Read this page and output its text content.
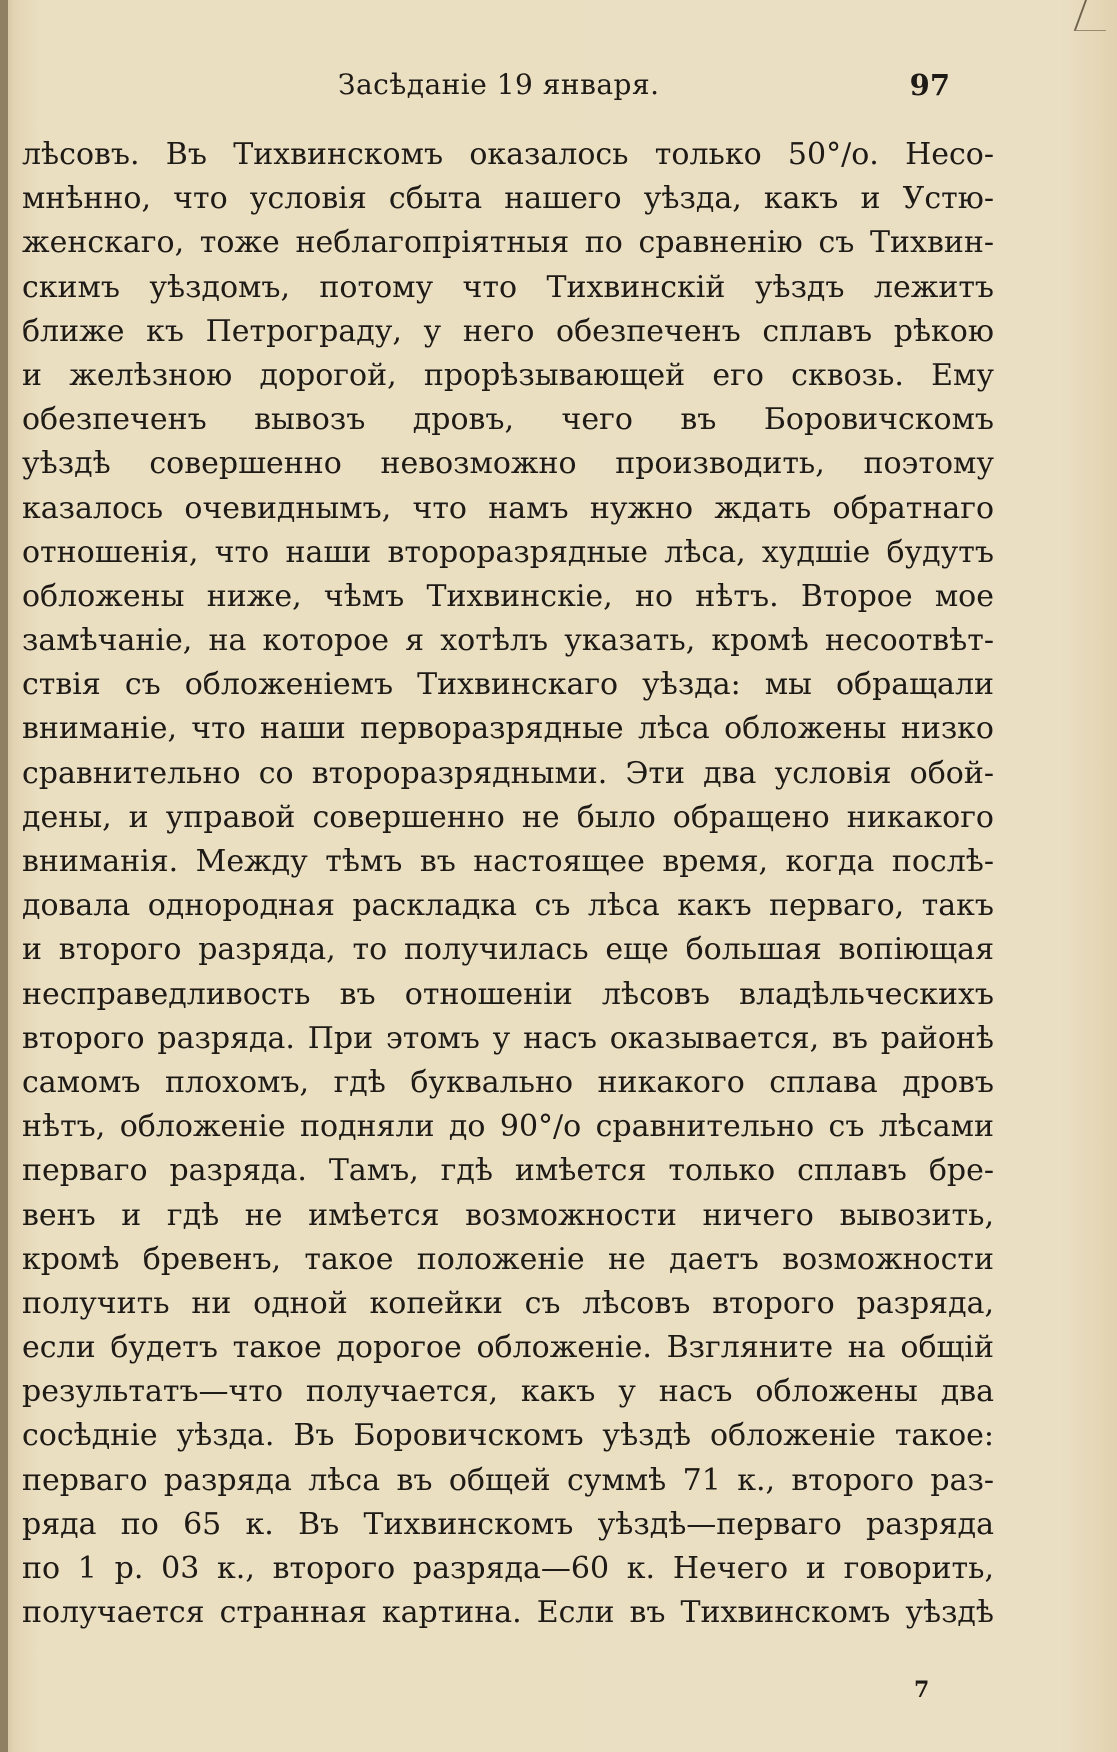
Засѣданіе 19 января.	97
лѣсовъ. Въ Тихвинскомъ оказалось только 50°/о. Несо-
мнѣнно, что условія сбыта нашего уѣзда, какъ и Устю-
женскаго, тоже неблагопріятныя по сравненію съ Тихвин-
скимъ уѣздомъ, потому что Тихвинскій уѣздъ лежитъ
ближе къ Петрограду, у него обезпеченъ сплавъ рѣкою
и желѣзною дорогой, прорѣзывающей его сквозь. Ему
обезпеченъ вывозъ дровъ, чего въ Боровичскомъ
уѣздѣ совершенно невозможно производить, поэтому
казалось очевиднымъ, что намъ нужно ждать обратнаго
отношенія, что наши второразрядные лѣса, худшіе будутъ
обложены ниже, чѣмъ Тихвинскіе, но нѣтъ. Второе мое
замѣчаніе, на которое я хотѣлъ указать, кромѣ несоотвѣт-
ствія съ обложеніемъ Тихвинскаго уѣзда: мы обращали
вниманіе, что наши перворазрядные лѣса обложены низко
сравнительно со второразрядными. Эти два условія обой-
дены, и управой совершенно не было обращено никакого
вниманія. Между тѣмъ въ настоящее время, когда послѣ-
довала однородная раскладка съ лѣса какъ перваго, такъ
и второго разряда, то получилась еще большая вопіющая
несправедливость въ отношеніи лѣсовъ владѣльческихъ
второго разряда. При этомъ у насъ оказывается, въ районѣ
самомъ плохомъ, гдѣ буквально никакого сплава дровъ
нѣтъ, обложеніе подняли до 90°/о сравнительно съ лѣсами
перваго разряда. Тамъ, гдѣ имѣется только сплавъ бре-
венъ и гдѣ не имѣется возможности ничего вывозить,
кромѣ бревенъ, такое положеніе не даетъ возможности
получить ни одной копейки съ лѣсовъ второго разряда,
если будетъ такое дорогое обложеніе. Взгляните на общій
результатъ—что получается, какъ у насъ обложены два
сосѣдніе уѣзда. Въ Боровичскомъ уѣздѣ обложеніе такое:
перваго разряда лѣса въ общей суммѣ 71 к., второго раз-
ряда по 65 к. Въ Тихвинскомъ уѣздѣ—перваго разряда
по 1 р. 03 к., второго разряда—60 к. Нечего и говорить,
получается странная картина. Если въ Тихвинскомъ уѣздѣ
7
